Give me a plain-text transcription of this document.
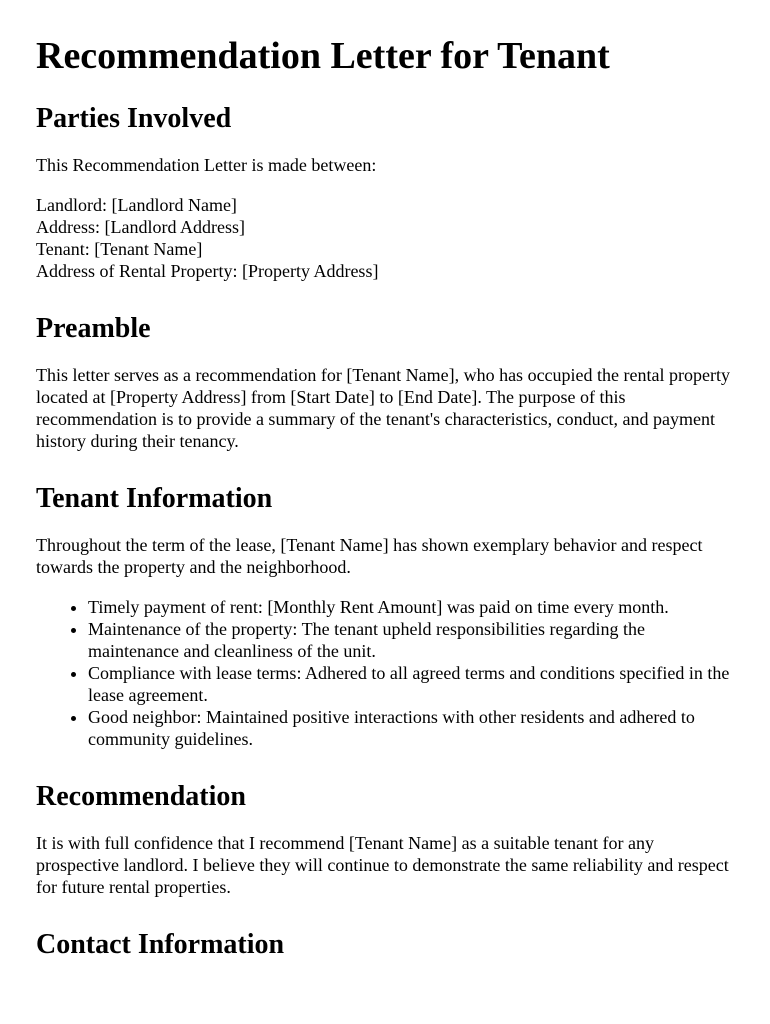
Recommendation Letter for Tenant
Parties Involved

This Recommendation Letter is made between:

Landlord: [Landlord Name]

Address: [Landlord Address]

Tenant: [Tenant Name]

Address of Rental Property: [Property Address]

Preamble

This letter serves as a recommendation for [Tenant Name], who has occupied the rental property located at [Property Address] from [Start Date] to [End Date]. The purpose of this recommendation is to provide a summary of the tenant's characteristics, conduct, and payment history during their tenancy.

Tenant Information

Throughout the term of the lease, [Tenant Name] has shown exemplary behavior and respect towards the property and the neighborhood.

• Timely payment of rent: [Monthly Rent Amount] was paid on time every month.
• Maintenance of the property: The tenant upheld responsibilities regarding the maintenance and cleanliness of the unit.
• Compliance with lease terms: Adhered to all agreed terms and conditions specified in the lease agreement.
• Good neighbor: Maintained positive interactions with other residents and adhered to community guidelines.
Recommendation

It is with full confidence that I recommend [Tenant Name] as a suitable tenant for any prospective landlord. I believe they will continue to demonstrate the same reliability and respect for future rental properties.

Contact Information
